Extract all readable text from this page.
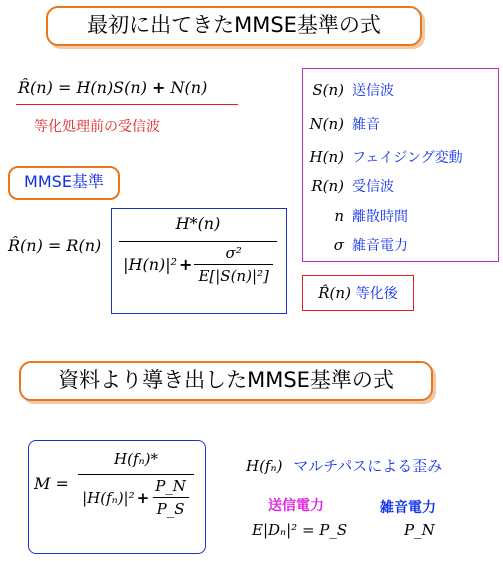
最初に出てきたMMSE基準の式
R̂(n) = H(n)S(n) + N(n)
等化処理前の受信波
MMSE基準
R̂(n) = $R(n) \frac{H*(n)}{|H(n)|^2 + \frac{\text{σ²}}{\text{E[|S(n)|²]}}}$
S(n) 送信波
N(n) 雑音
H(n) フェイジング変動
R(n) 受信波
n 離散時間
σ 雑音電力
R̂(n) 等化後
資料より導き出したMMSE基準の式
$M = \frac{\text{H(fₙ)*}}{|H(f_n)|^2 + \frac{P\_N}{P\_S}}$	H(fₙ) マルチパスによる歪み
送信電力	雑音電力
E|Dₙ|² = P_S	P_N
